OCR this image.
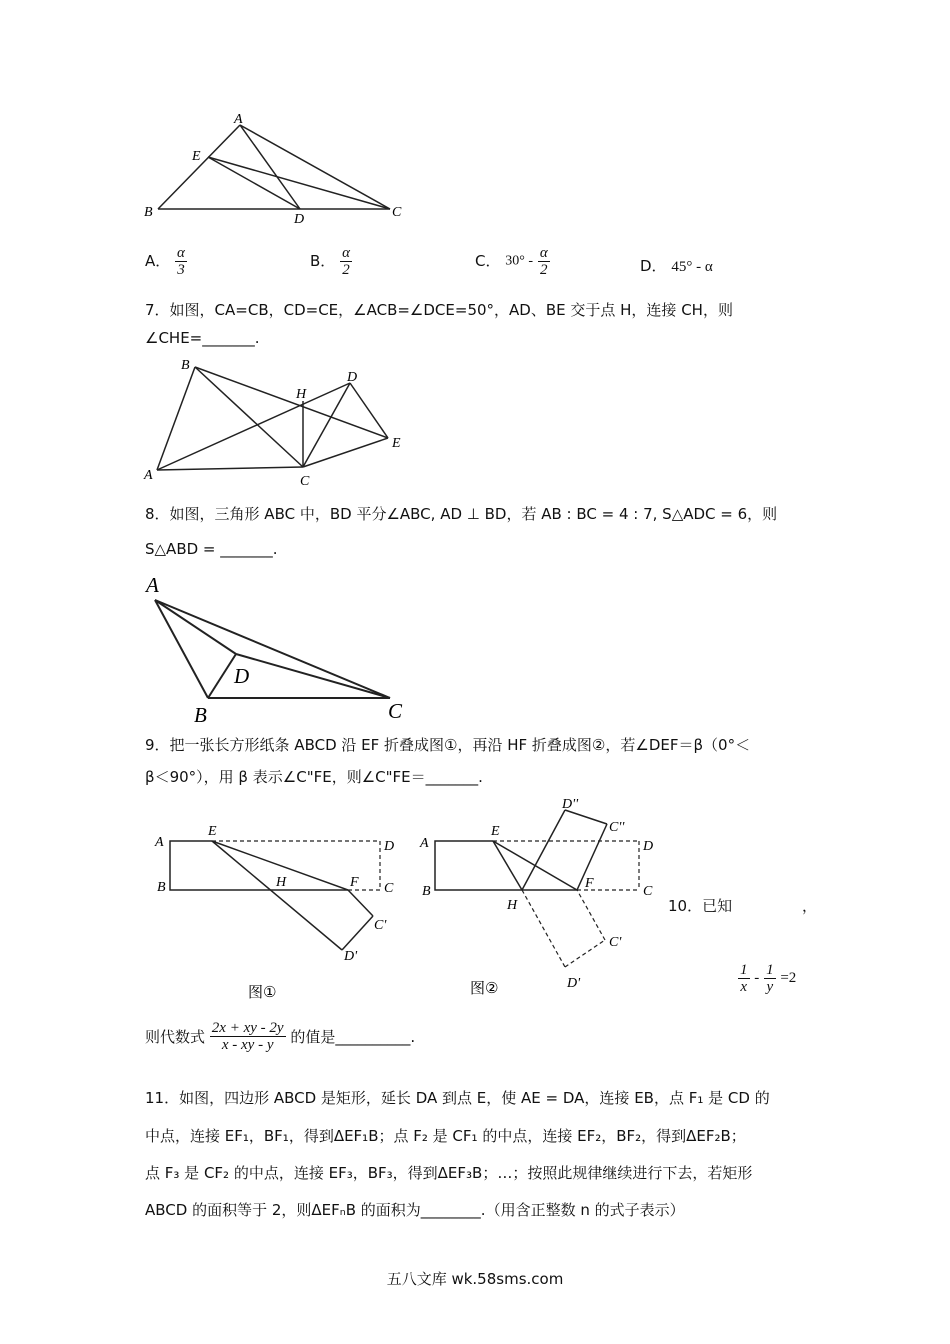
A
E
B	D	C
A． $\frac{\alpha}{3}$	B． $\frac{\alpha}{2}$	C． $30^\circ - \frac{\alpha}{2}$	D． 45° - α
7．如图，CA=CB，CD=CE，∠ACB=∠DCE=50°，AD、BE 交于点 H，连接 CH，则
∠CHE=_______.
B
H
D
E
A	C
8．如图，三角形 ABC 中，BD 平分∠ABC, AD ⊥ BD，若 AB : BC = 4 : 7, S△ADC = 6，则
S△ABD = _______.
A
D
B	C
9．把一张长方形纸条 ABCD 沿 EF 折叠成图①，再沿 HF 折叠成图②，若∠DEF＝β（0°＜
β＜90°），用 β 表示∠C"FE，则∠C"FE＝_______.
A
E
D
B	H	F C
C'
D'
图①
D''
C''
A
E
D
B
F
C
H
C'
D'
图②
10．已知	，
$\frac{1}{x} - \frac{1}{y} =2$
则代数式 $\frac{2x + xy - 2y}{x - xy - y}$ 的值是__________.
11．如图，四边形 ABCD 是矩形，延长 DA 到点 E，使 AE = DA，连接 EB，点 F₁ 是 CD 的
中点，连接 EF₁，BF₁，得到ΔEF₁B；点 F₂ 是 CF₁ 的中点，连接 EF₂，BF₂，得到ΔEF₂B；
点 F₃ 是 CF₂ 的中点，连接 EF₃，BF₃，得到ΔEF₃B；…；按照此规律继续进行下去，若矩形
ABCD 的面积等于 2，则ΔEFₙB 的面积为________.（用含正整数 n 的式子表示）
五八文库 wk.58sms.com
